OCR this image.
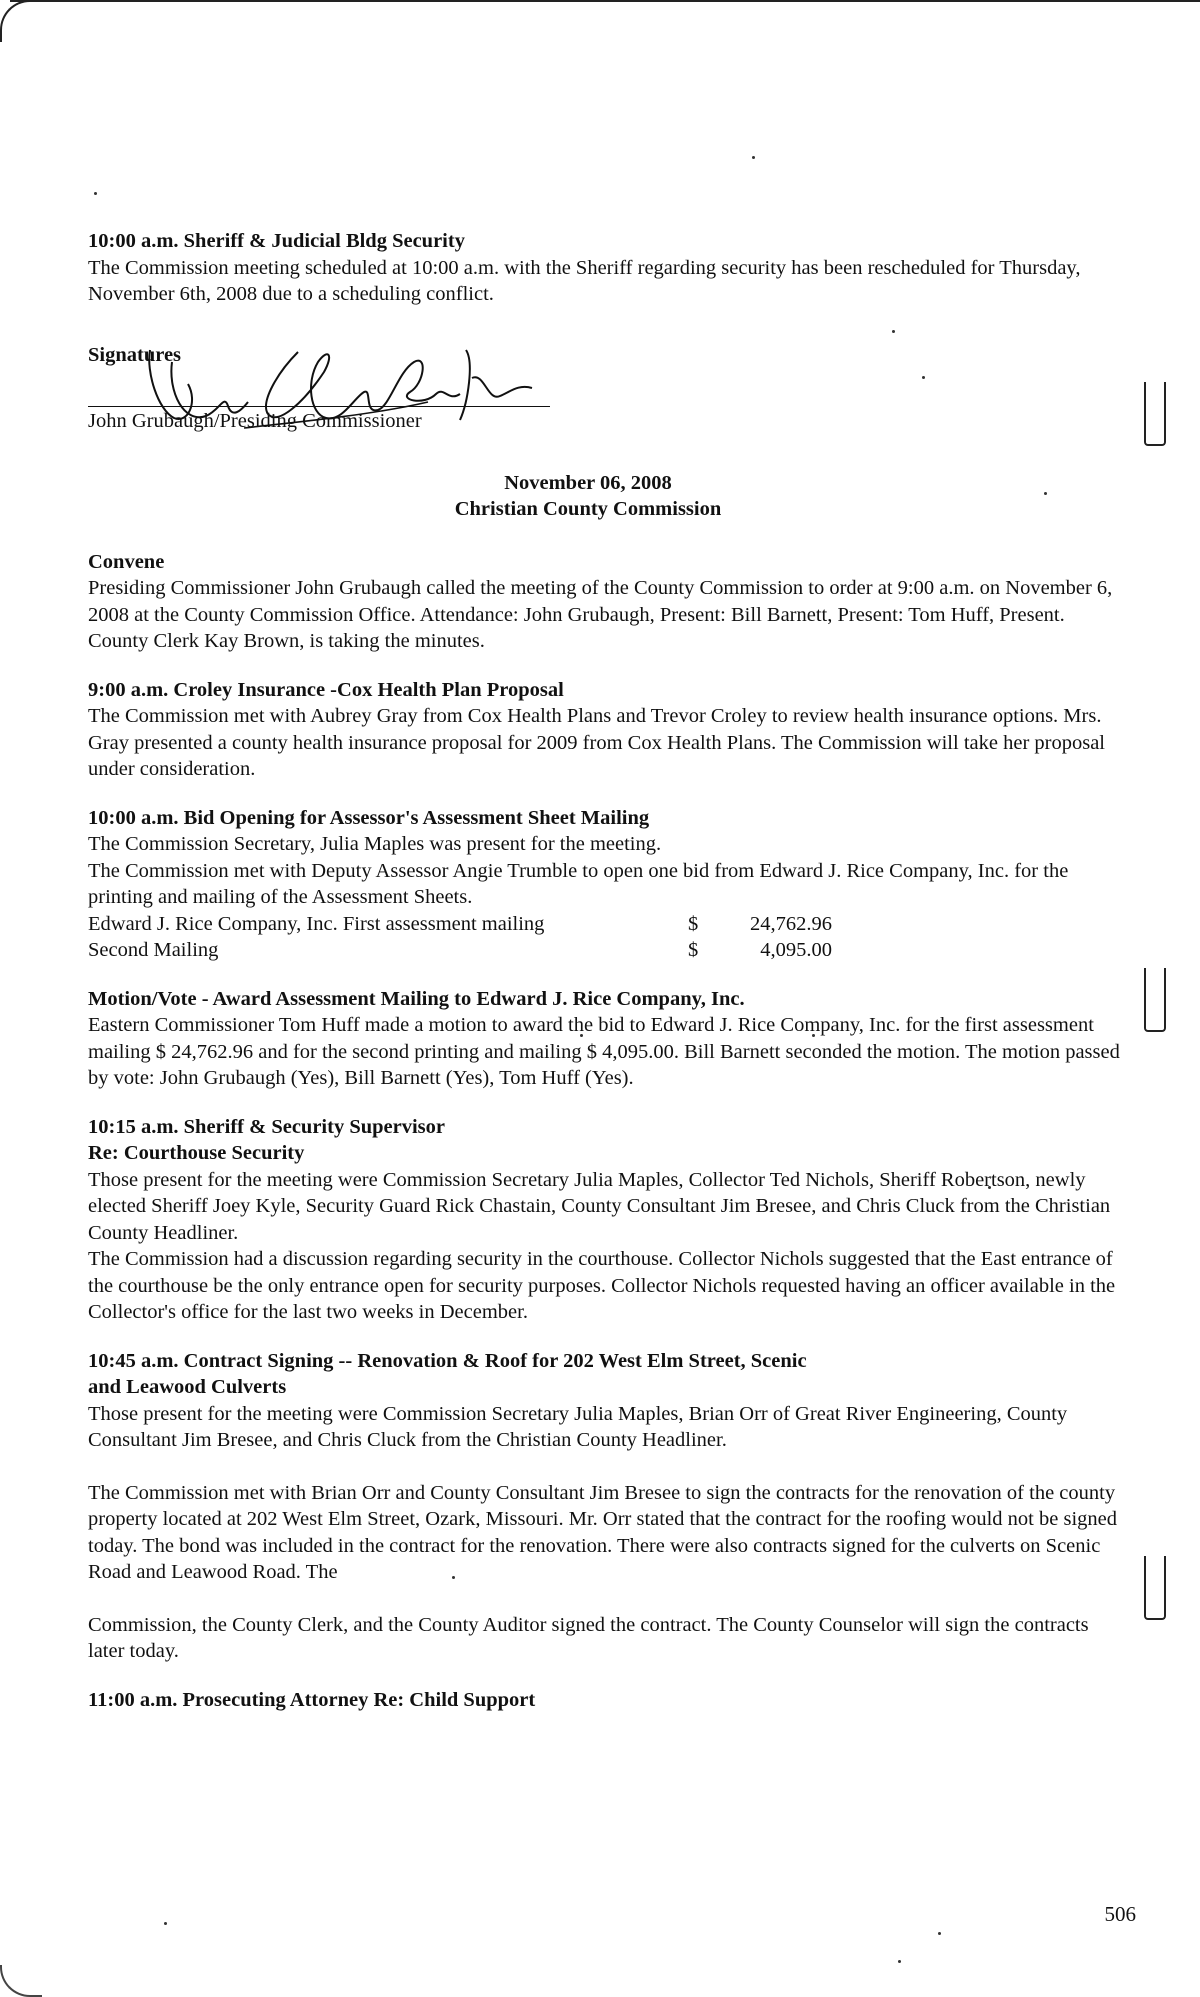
10:00 a.m. Sheriff & Judicial Bldg Security

The Commission meeting scheduled at 10:00 a.m. with the Sheriff regarding security has been rescheduled for Thursday, November 6th, 2008 due to a scheduling conflict.

Signatures
John Grubaugh/Presiding Commissioner
November 06, 2008
Christian County Commission
Convene

Presiding Commissioner John Grubaugh called the meeting of the County Commission to order at 9:00 a.m. on November 6, 2008 at the County Commission Office. Attendance: John Grubaugh, Present: Bill Barnett, Present: Tom Huff, Present. County Clerk Kay Brown, is taking the minutes.

9:00 a.m. Croley Insurance -Cox Health Plan Proposal

The Commission met with Aubrey Gray from Cox Health Plans and Trevor Croley to review health insurance options. Mrs. Gray presented a county health insurance proposal for 2009 from Cox Health Plans. The Commission will take her proposal under consideration.

10:00 a.m. Bid Opening for Assessor's Assessment Sheet Mailing

The Commission Secretary, Julia Maples was present for the meeting.

The Commission met with Deputy Assessor Angie Trumble to open one bid from Edward J. Rice Company, Inc. for the printing and mailing of the Assessment Sheets.

Edward J. Rice Company, Inc. First assessment mailing	$	24,762.96
Second Mailing	$	4,095.00
Motion/Vote - Award Assessment Mailing to Edward J. Rice Company, Inc.

Eastern Commissioner Tom Huff made a motion to award the bid to Edward J. Rice Company, Inc. for the first assessment mailing $ 24,762.96 and for the second printing and mailing $ 4,095.00. Bill Barnett seconded the motion. The motion passed by vote: John Grubaugh (Yes), Bill Barnett (Yes), Tom Huff (Yes).

10:15 a.m. Sheriff & Security Supervisor
Re: Courthouse Security

Those present for the meeting were Commission Secretary Julia Maples, Collector Ted Nichols, Sheriff Robertson, newly elected Sheriff Joey Kyle, Security Guard Rick Chastain, County Consultant Jim Bresee, and Chris Cluck from the Christian County Headliner.

The Commission had a discussion regarding security in the courthouse. Collector Nichols suggested that the East entrance of the courthouse be the only entrance open for security purposes. Collector Nichols requested having an officer available in the Collector's office for the last two weeks in December.

10:45 a.m. Contract Signing -- Renovation & Roof for 202 West Elm Street, Scenic
and Leawood Culverts

Those present for the meeting were Commission Secretary Julia Maples, Brian Orr of Great River Engineering, County Consultant Jim Bresee, and Chris Cluck from the Christian County Headliner.

The Commission met with Brian Orr and County Consultant Jim Bresee to sign the contracts for the renovation of the county property located at 202 West Elm Street, Ozark, Missouri. Mr. Orr stated that the contract for the roofing would not be signed today. The bond was included in the contract for the renovation. There were also contracts signed for the culverts on Scenic Road and Leawood Road. The

Commission, the County Clerk, and the County Auditor signed the contract. The County Counselor will sign the contracts later today.

11:00 a.m. Prosecuting Attorney Re: Child Support
506
